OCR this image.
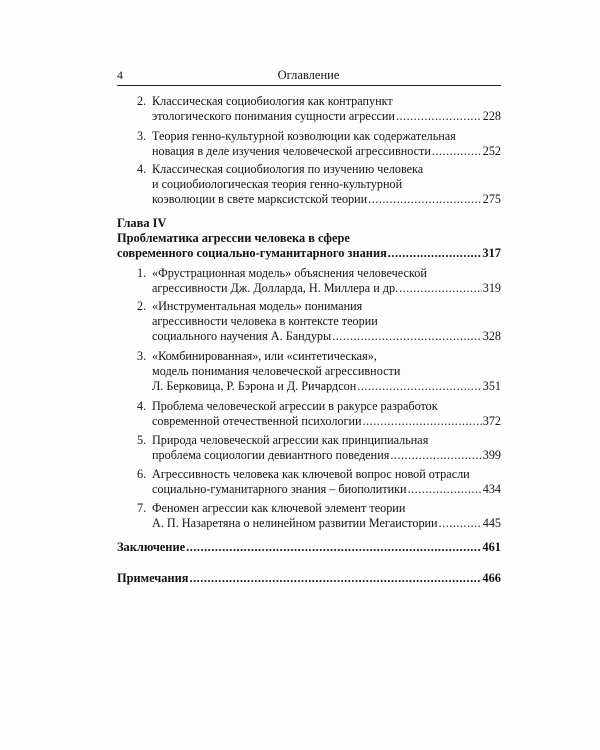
4	Оглавление
2. Классическая социобиология как контрапункт
этологического понимания сущности агрессии .....	228
3. Теория генно-культурной коэволюции как содержательная
новация в деле изучения человеческой агрессивности .....	252
4. Классическая социобиология по изучению человека
и социобиологическая теория генно-культурной
коэволюции в свете марксистской теории .....	275
Глава IV
Проблематика агрессии человека в сфере
современного социально-гуманитарного знания .....	317
1. «Фрустрационная модель» объяснения человеческой
агрессивности Дж. Долларда, Н. Миллера и др. .....	319
2. «Инструментальная модель» понимания
агрессивности человека в контексте теории
социального научения А. Бандуры .....	328
3. «Комбинированная», или «синтетическая»,
модель понимания человеческой агрессивности
Л. Берковица, Р. Бэрона и Д. Ричардсон .....	351
4. Проблема человеческой агрессии в ракурсе разработок
современной отечественной психологии .....	372
5. Природа человеческой агрессии как принципиальная
проблема социологии девиантного поведения .....	399
6. Агрессивность человека как ключевой вопрос новой отрасли
социально-гуманитарного знания – биополитики .....	434
7. Феномен агрессии как ключевой элемент теории
А. П. Назаретяна о нелинейном развитии Мегаистории .....	445
Заключение .....	461
Примечания .....	466
